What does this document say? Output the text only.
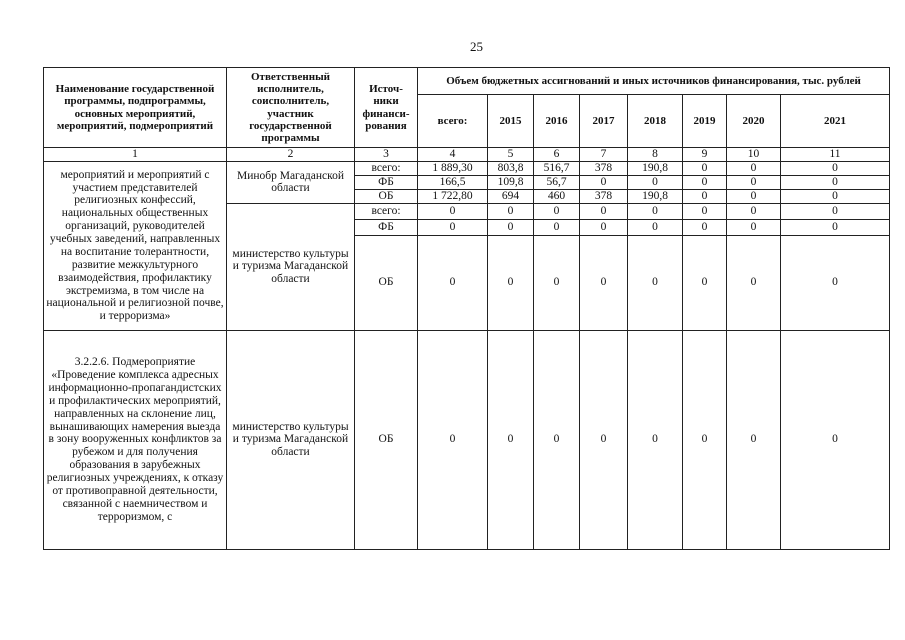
25
Наименование государственной программы, подпрограммы, основных мероприятий, мероприятий, подмероприятий	Ответственный исполнитель, соисполнитель, участник государственной программы	Источ-ники финанси-рования	Объем бюджетных ассигнований и иных источников финансирования, тыс. рублей							
			всего:	2015	2016	2017	2018	2019	2020	2021
1	2	3	4	5	6	7	8	9	10	11
мероприятий и мероприятий с участием представителей религиозных конфессий, национальных общественных организаций, руководителей учебных заведений, направленных на воспитание толерантности, развитие межкультурного взаимодействия, профилактику экстремизма, в том числе на национальной и религиозной почве, и терроризма»	Минобр Магаданской области	всего:	1 889,30	803,8	516,7	378	190,8	0	0	0
		ФБ	166,5	109,8	56,7	0	0	0	0	0
		ОБ	1 722,80	694	460	378	190,8	0	0	0
	министерство культуры и туризма Магаданской области	всего:	0	0	0	0	0	0	0	0
		ФБ	0	0	0	0	0	0	0	0
		ОБ	0	0	0	0	0	0	0	0
3.2.2.6. Подмероприятие «Проведение комплекса адресных информационно-пропагандистских и профилактических мероприятий, направленных на склонение лиц, вынашивающих намерения выезда в зону вооруженных конфликтов за рубежом и для получения образования в зарубежных религиозных учреждениях, к отказу от противоправной деятельности, связанной с наемничеством и терроризмом, с	министерство культуры и туризма Магаданской области	ОБ	0	0	0	0	0	0	0	0
